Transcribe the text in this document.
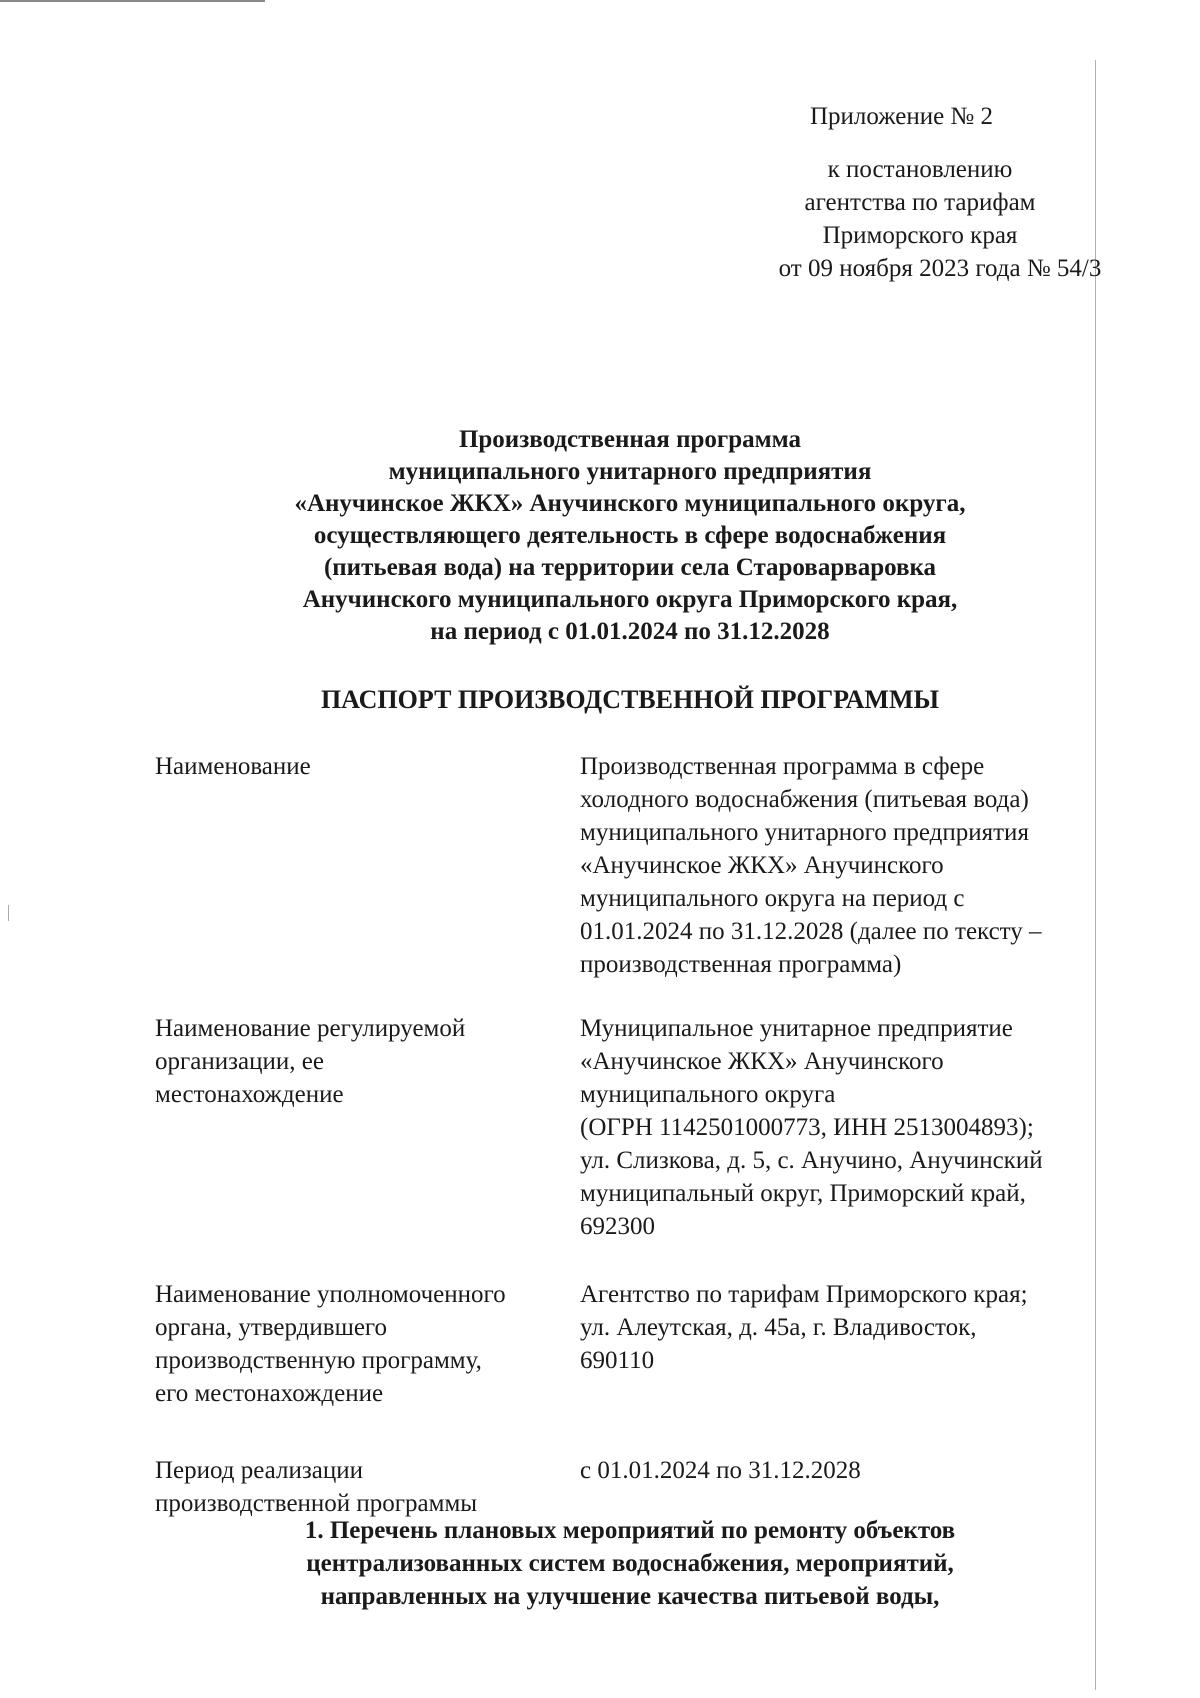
Приложение № 2
к постановлению
агентства по тарифам
Приморского края
от 09 ноября 2023 года № 54/3
Производственная программа
муниципального унитарного предприятия
«Анучинское ЖКХ» Анучинского муниципального округа,
осуществляющего деятельность в сфере водоснабжения
(питьевая вода) на территории села Староварваровка
Анучинского муниципального округа Приморского края,
на период с 01.01.2024 по 31.12.2028
ПАСПОРТ ПРОИЗВОДСТВЕННОЙ ПРОГРАММЫ
Наименование	Производственная программа в сфере
холодного водоснабжения (питьевая вода)
муниципального унитарного предприятия
«Анучинское ЖКХ» Анучинского
муниципального округа на период с
01.01.2024 по 31.12.2028 (далее по тексту –
производственная программа)
Наименование регулируемой
организации, ее
местонахождение
Муниципальное унитарное предприятие
«Анучинское ЖКХ» Анучинского
муниципального округа
(ОГРН 1142501000773, ИНН 2513004893);
ул. Слизкова, д. 5, с. Анучино, Анучинский
муниципальный округ, Приморский край,
692300
Наименование уполномоченного
органа, утвердившего
производственную программу,
его местонахождение
Агентство по тарифам Приморского края;
ул. Алеутская, д. 45а, г. Владивосток,
690110
Период реализации
производственной программы
с 01.01.2024 по 31.12.2028
1. Перечень плановых мероприятий по ремонту объектов
централизованных систем водоснабжения, мероприятий,
направленных на улучшение качества питьевой воды,
